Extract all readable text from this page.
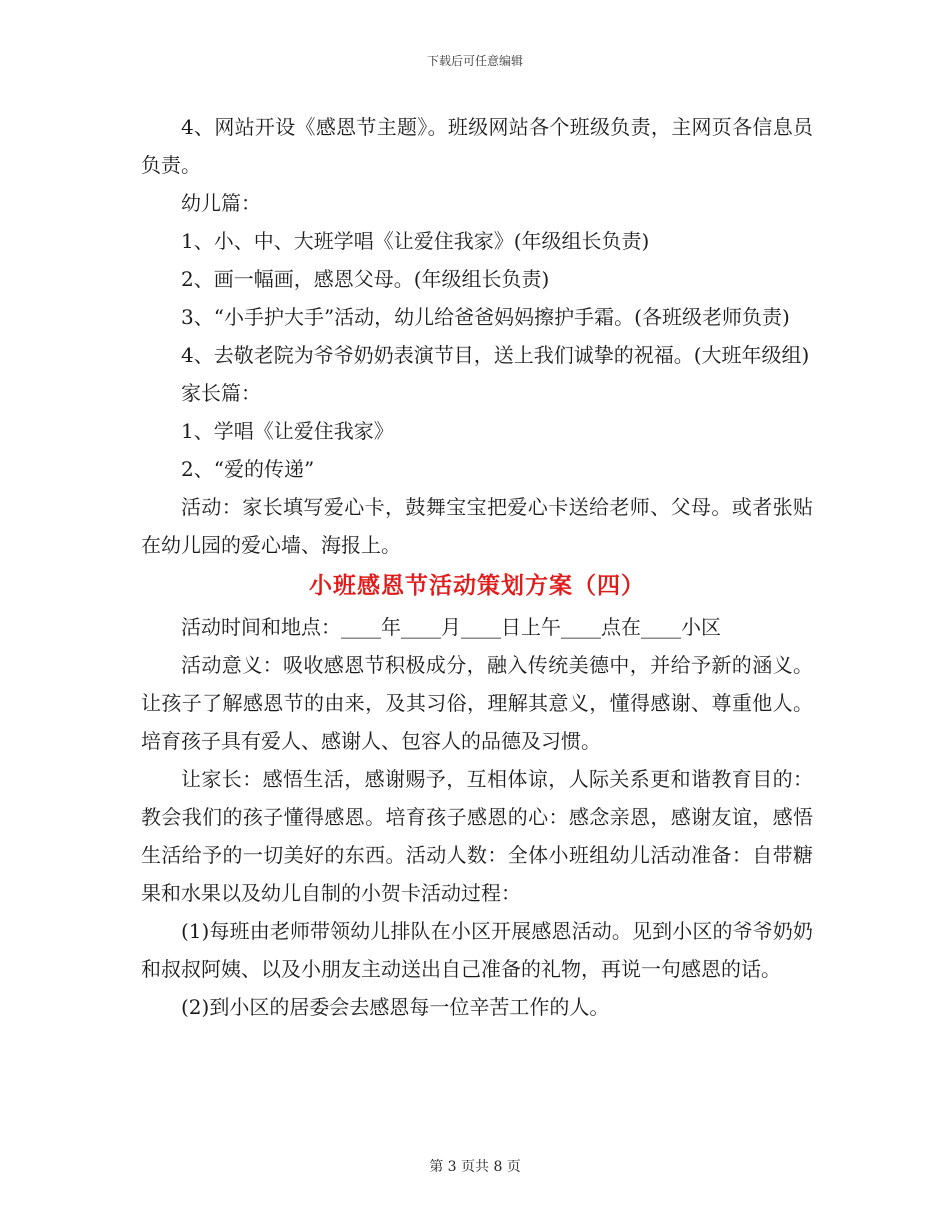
下载后可任意编辑

4、网站开设《感恩节主题》。班级网站各个班级负责，主网页各信息员负责。

幼儿篇：

1、小、中、大班学唱《让爱住我家》(年级组长负责)

2、画一幅画，感恩父母。(年级组长负责)

3、“小手护大手”活动，幼儿给爸爸妈妈擦护手霜。(各班级老师负责)

4、去敬老院为爷爷奶奶表演节目，送上我们诚挚的祝福。(大班年级组)

家长篇：

1、学唱《让爱住我家》

2、“爱的传递”

活动：家长填写爱心卡，鼓舞宝宝把爱心卡送给老师、父母。或者张贴在幼儿园的爱心墙、海报上。

小班感恩节活动策划方案（四）

活动时间和地点：____年____月____日上午____点在____小区

活动意义：吸收感恩节积极成分，融入传统美德中，并给予新的涵义。让孩子了解感恩节的由来，及其习俗，理解其意义，懂得感谢、尊重他人。培育孩子具有爱人、感谢人、包容人的品德及习惯。

让家长：感悟生活，感谢赐予，互相体谅，人际关系更和谐教育目的：教会我们的孩子懂得感恩。培育孩子感恩的心：感念亲恩，感谢友谊，感悟生活给予的一切美好的东西。活动人数：全体小班组幼儿活动准备：自带糖果和水果以及幼儿自制的小贺卡活动过程：

(1)每班由老师带领幼儿排队在小区开展感恩活动。见到小区的爷爷奶奶和叔叔阿姨、以及小朋友主动送出自己准备的礼物，再说一句感恩的话。

(2)到小区的居委会去感恩每一位辛苦工作的人。

第 3 页共 8 页
